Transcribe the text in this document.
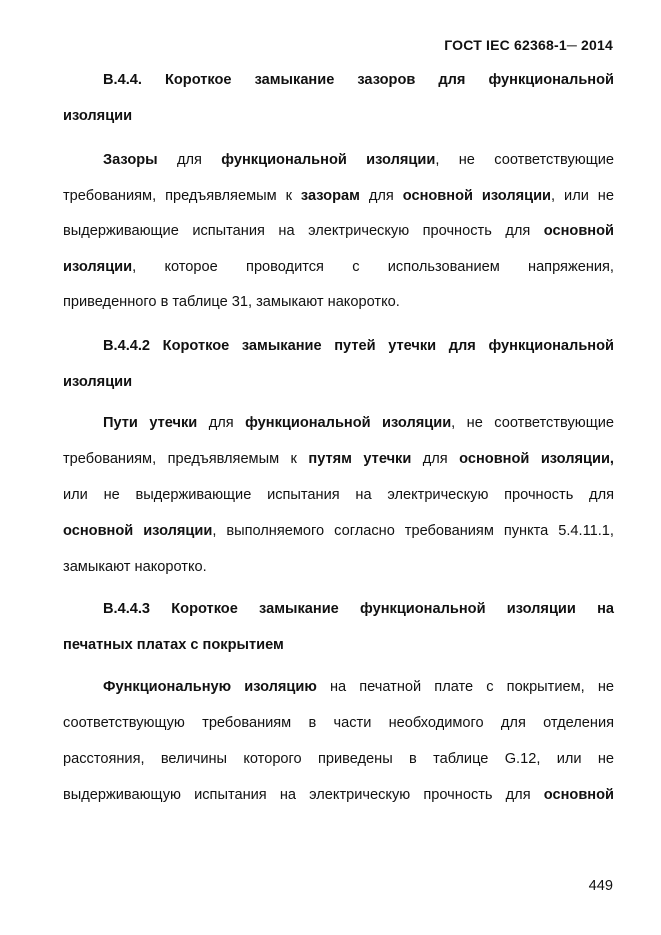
ГОСТ IEC 62368-1─ 2014
B.4.4. Короткое замыкание зазоров для функциональной
изоляции
Зазоры для функциональной изоляции, не соответствующие
требованиям, предъявляемым к зазорам для основной изоляции, или не
выдерживающие испытания на электрическую прочность для основной
изоляции, которое проводится с использованием напряжения,
приведенного в таблице 31, замыкают накоротко.
B.4.4.2 Короткое замыкание путей утечки для функциональной
изоляции
Пути утечки для функциональной изоляции, не соответствующие
требованиям, предъявляемым к путям утечки для основной изоляции,
или не выдерживающие испытания на электрическую прочность для
основной изоляции, выполняемого согласно требованиям пункта 5.4.11.1,
замыкают накоротко.
B.4.4.3 Короткое замыкание функциональной изоляции на
печатных платах с покрытием
Функциональную изоляцию на печатной плате с покрытием, не
соответствующую требованиям в части необходимого для отделения
расстояния, величины которого приведены в таблице G.12, или не
выдерживающую испытания на электрическую прочность для основной
449
